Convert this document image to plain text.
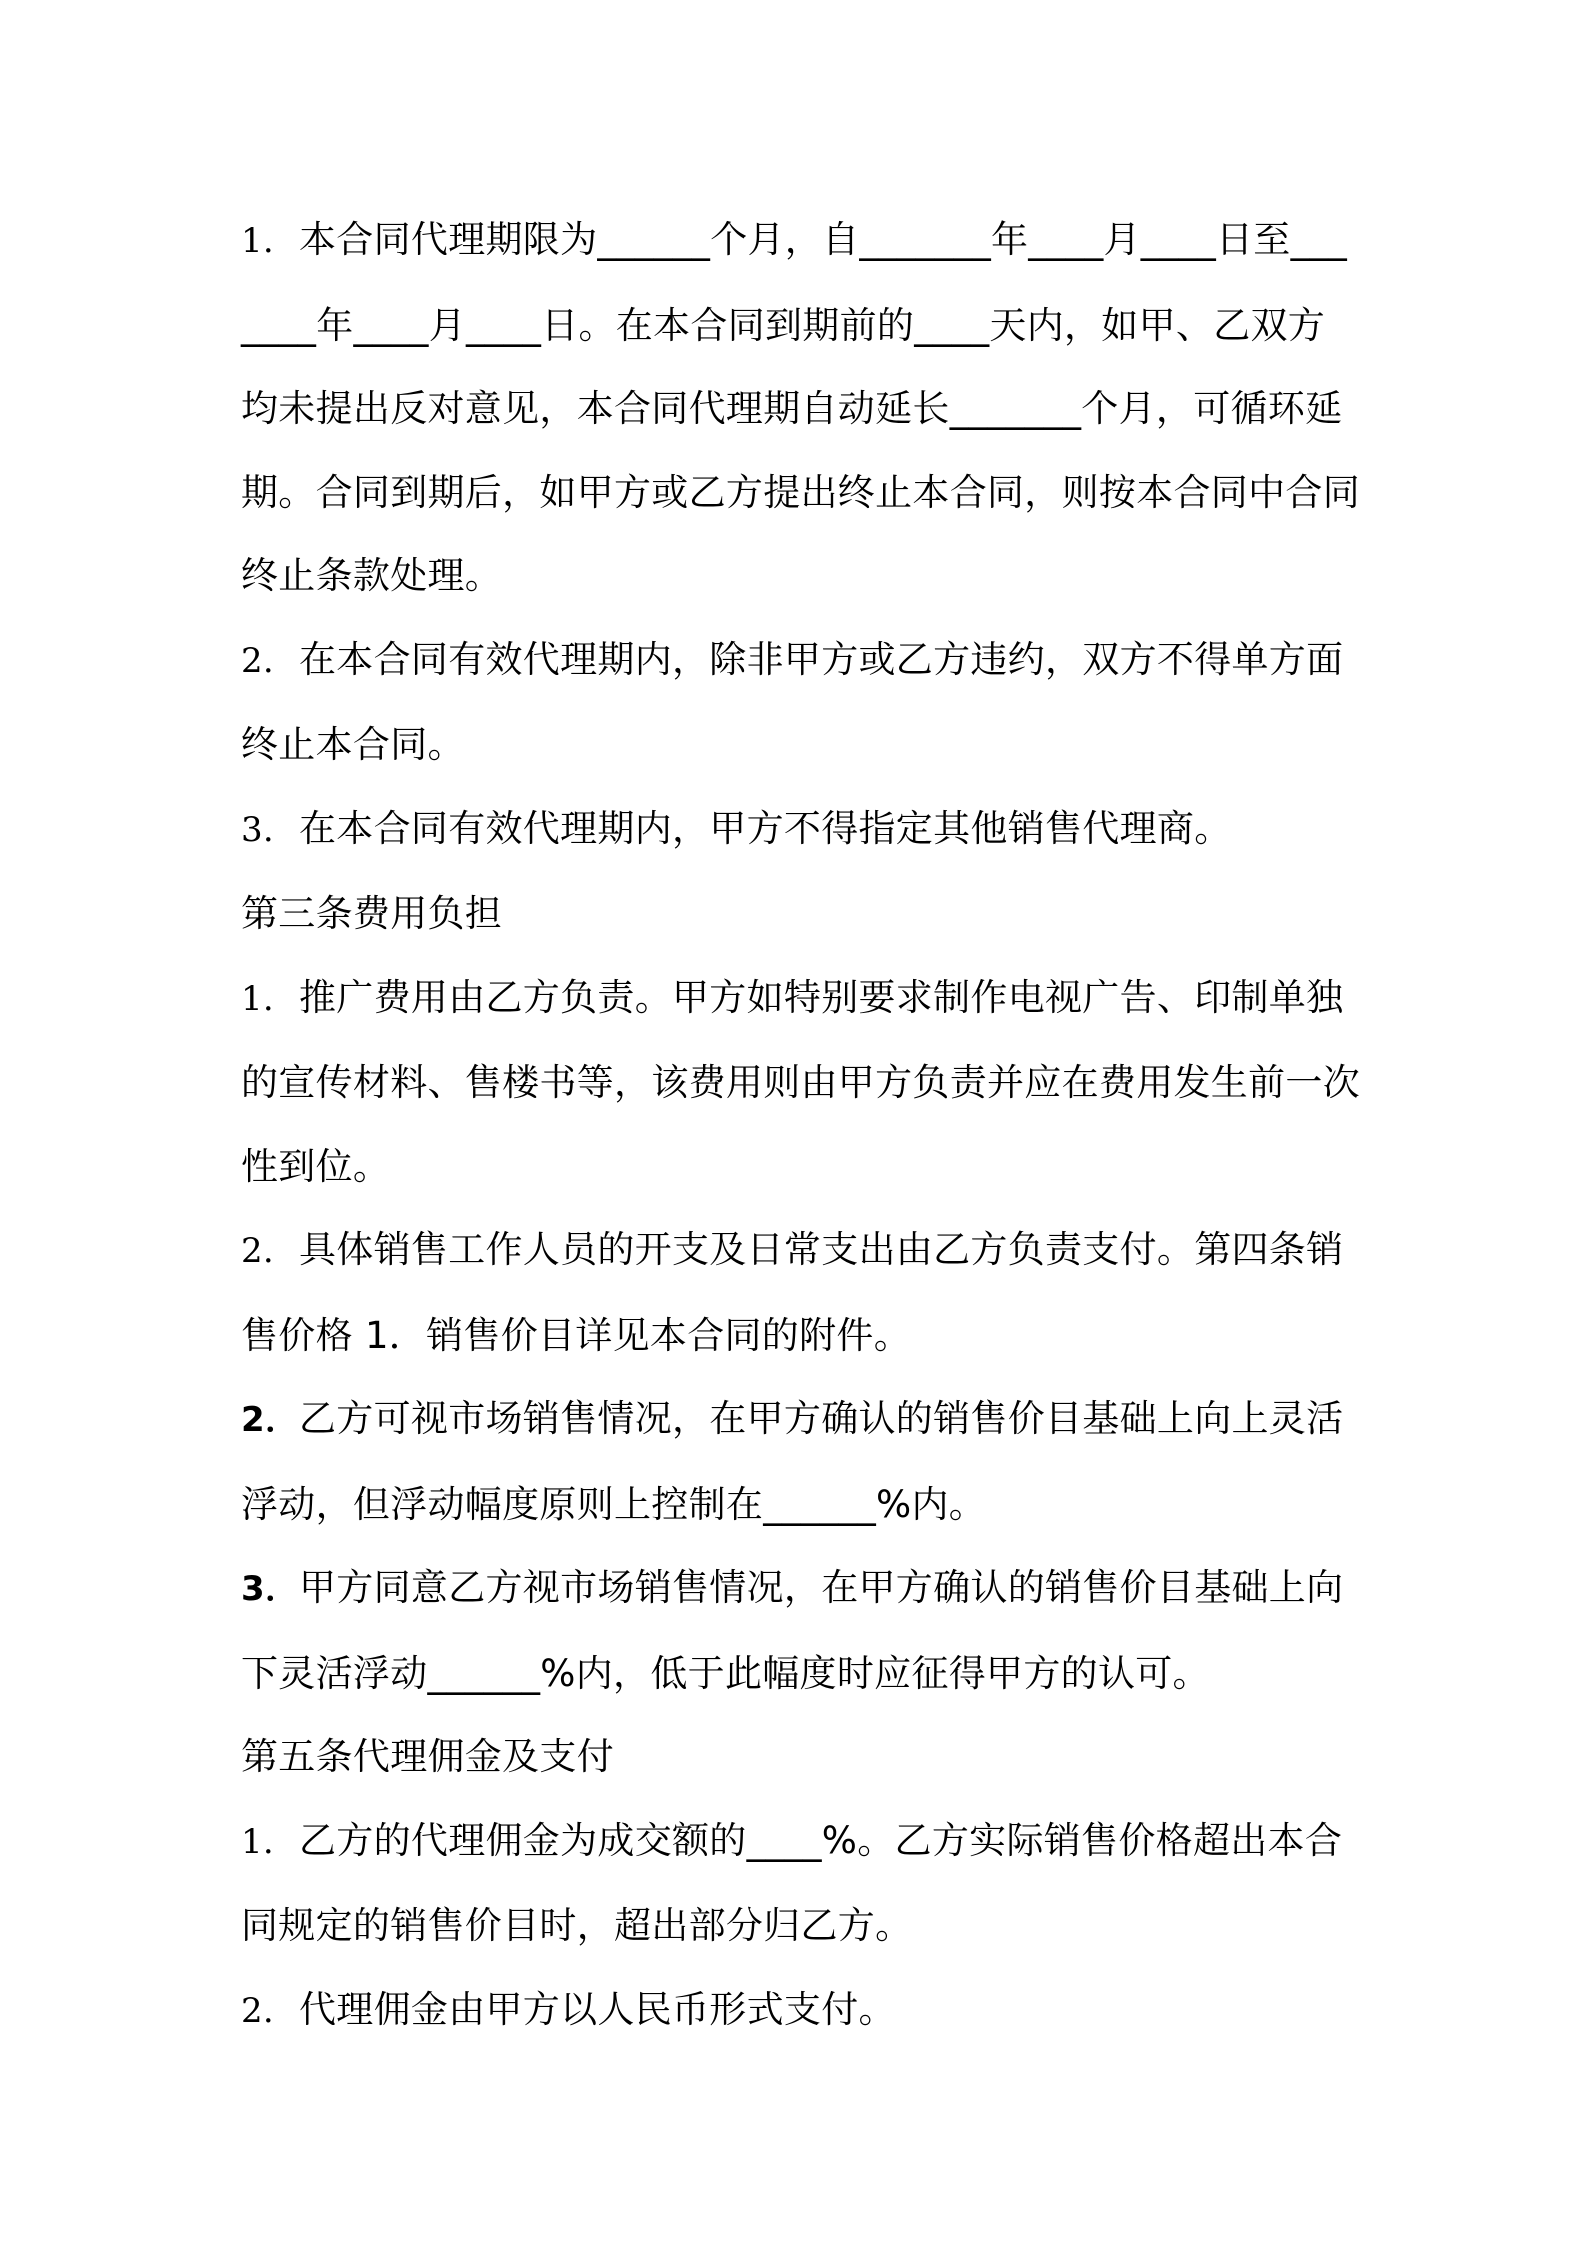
1. 本合同代理期限为______个月，自_______年____月____日至_______年____月____日。在本合同到期前的____天内，如甲、乙双方均未提出反对意见，本合同代理期自动延长_______个月，可循环延期。合同到期后，如甲方或乙方提出终止本合同，则按本合同中合同终止条款处理。

2. 在本合同有效代理期内，除非甲方或乙方违约，双方不得单方面终止本合同。

3. 在本合同有效代理期内，甲方不得指定其他销售代理商。

第三条费用负担

1. 推广费用由乙方负责。甲方如特别要求制作电视广告、印制单独的宣传材料、售楼书等，该费用则由甲方负责并应在费用发生前一次性到位。

2. 具体销售工作人员的开支及日常支出由乙方负责支付。第四条销售价格 1．销售价目详见本合同的附件。

2．乙方可视市场销售情况，在甲方确认的销售价目基础上向上灵活浮动，但浮动幅度原则上控制在______%内。

3．甲方同意乙方视市场销售情况，在甲方确认的销售价目基础上向下灵活浮动______%内，低于此幅度时应征得甲方的认可。

第五条代理佣金及支付

1. 乙方的代理佣金为成交额的____%。乙方实际销售价格超出本合同规定的销售价目时，超出部分归乙方。

2. 代理佣金由甲方以人民币形式支付。
